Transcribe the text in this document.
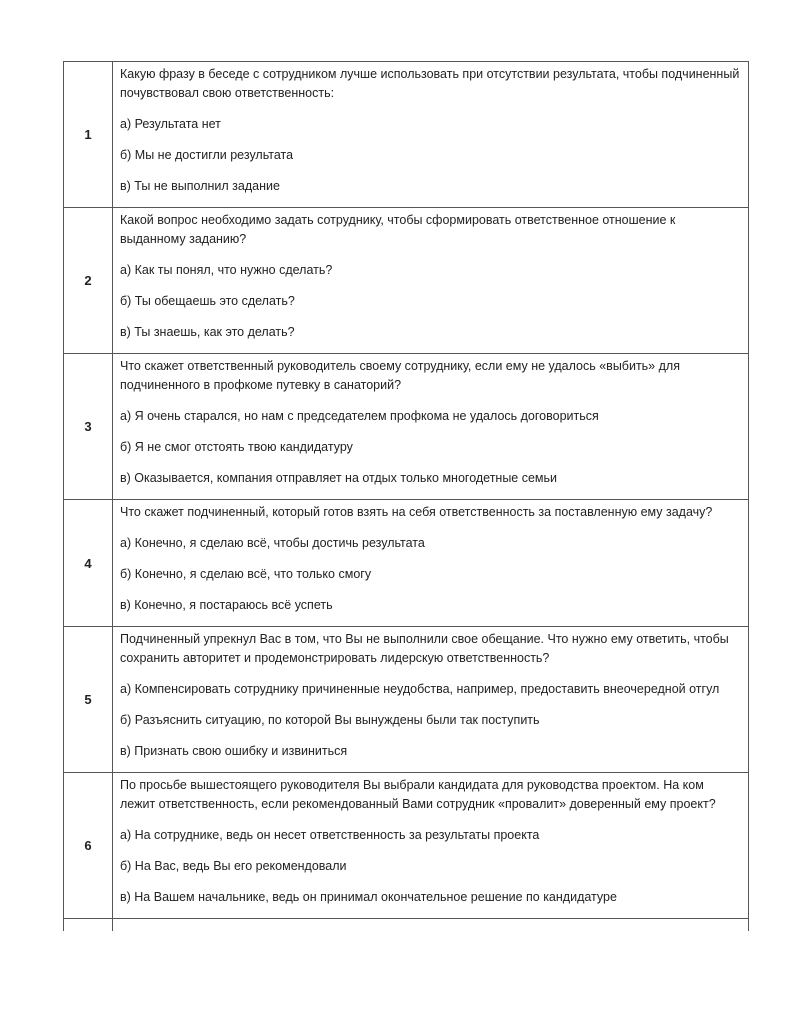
1	Какую фразу в беседе с сотрудником лучше использовать при отсутствии результата, чтобы подчиненный почувствовал свою ответственность:

а) Результата нет

б) Мы не достигли результата

в) Ты не выполнил задание

2	Какой вопрос необходимо задать сотруднику, чтобы сформировать ответственное отношение к выданному заданию?

а) Как ты понял, что нужно сделать?

б) Ты обещаешь это сделать?

в) Ты знаешь, как это делать?

3	Что скажет ответственный руководитель своему сотруднику, если ему не удалось «выбить» для подчиненного в профкоме путевку в санаторий?

а) Я очень старался, но нам с председателем профкома не удалось договориться

б) Я не смог отстоять твою кандидатуру

в) Оказывается, компания отправляет на отдых только многодетные семьи

4	Что скажет подчиненный, который готов взять на себя ответственность за поставленную ему задачу?

а) Конечно, я сделаю всё, чтобы достичь результата

б) Конечно, я сделаю всё, что только смогу

в) Конечно, я постараюсь всё успеть

5	Подчиненный упрекнул Вас в том, что Вы не выполнили свое обещание. Что нужно ему ответить, чтобы сохранить авторитет и продемонстрировать лидерскую ответственность?

а) Компенсировать сотруднику причиненные неудобства, например, предоставить внеочередной отгул

б) Разъяснить ситуацию, по которой Вы вынуждены были так поступить

в) Признать свою ошибку и извиниться

6	По просьбе вышестоящего руководителя Вы выбрали кандидата для руководства проектом. На ком лежит ответственность, если рекомендованный Вами сотрудник «провалит» доверенный ему проект?

а) На сотруднике, ведь он несет ответственность за результаты проекта

б) На Вас, ведь Вы его рекомендовали

в) На Вашем начальнике, ведь он принимал окончательное решение по кандидатуре
